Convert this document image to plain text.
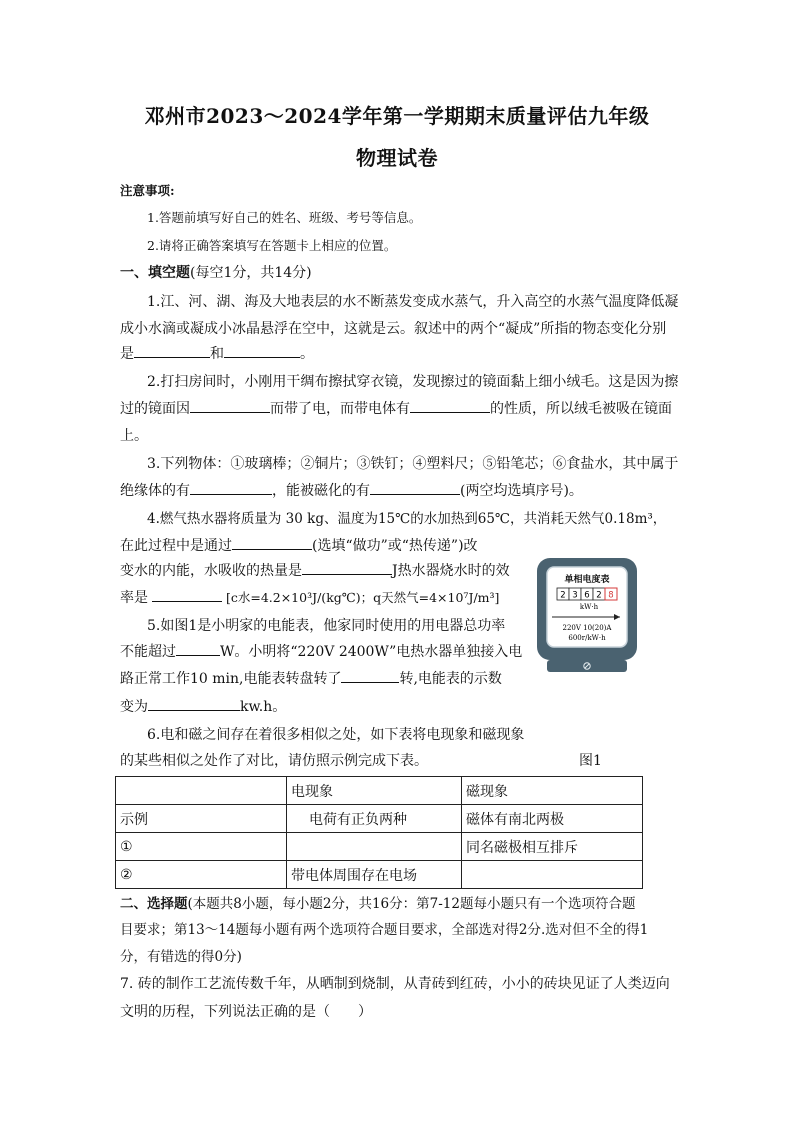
邓州市2023～2024学年第一学期期末质量评估九年级
物理试卷
注意事项:
1.答题前填写好自己的姓名、班级、考号等信息。
2.请将正确答案填写在答题卡上相应的位置。
一、填空题(每空1分，共14分)
1.江、河、湖、海及大地表层的水不断蒸发变成水蒸气，升入高空的水蒸气温度降低凝
成小水滴或凝成小冰晶悬浮在空中，这就是云。叙述中的两个“凝成”所指的物态变化分别
是	和	。
2.打扫房间时，小刚用干绸布擦拭穿衣镜，发现擦过的镜面黏上细小绒毛。这是因为擦
过的镜面因	而带了电，而带电体有	的性质，所以绒毛被吸在镜面
上。
3.下列物体：①玻璃棒；②铜片；③铁钉；④塑料尺；⑤铅笔芯；⑥食盐水，其中属于
绝缘体的有	，能被磁化的有	(两空均选填序号)。
4.燃气热水器将质量为 30 kg、温度为15℃的水加热到65℃，共消耗天然气0.18m³，
在此过程中是通过	(选填“做功”或“热传递”)改
变水的内能，水吸收的热量是	J热水器烧水时的效
率是	[c水=4.2×10³J/(kg℃)；q天然气=4×10⁷J/m³]
5.如图1是小明家的电能表，他家同时使用的用电器总功率
不能超过	W。小明将“220V 2400W”电热水器单独接入电
路正常工作10 min,电能表转盘转了	转,电能表的示数
变为	kw.h。
6.电和磁之间存在着很多相似之处，如下表将电现象和磁现象
的某些相似之处作了对比，请仿照示例完成下表。	图1
单相电度表
2 3 6 2 8
kW·h
220V 10(20)A
600r/kW·h
	电现象	磁现象
示例	电荷有正负两种	磁体有南北两极
①		同名磁极相互排斥
②	带电体周围存在电场	
二、选择题(本题共8小题，每小题2分，共16分：第7-12题每小题只有一个选项符合题
目要求；第13～14题每小题有两个选项符合题目要求，全部选对得2分.选对但不全的得1
分，有错选的得0分)
7. 砖的制作工艺流传数千年，从晒制到烧制，从青砖到红砖，小小的砖块见证了人类迈向
文明的历程，下列说法正确的是（　　）
